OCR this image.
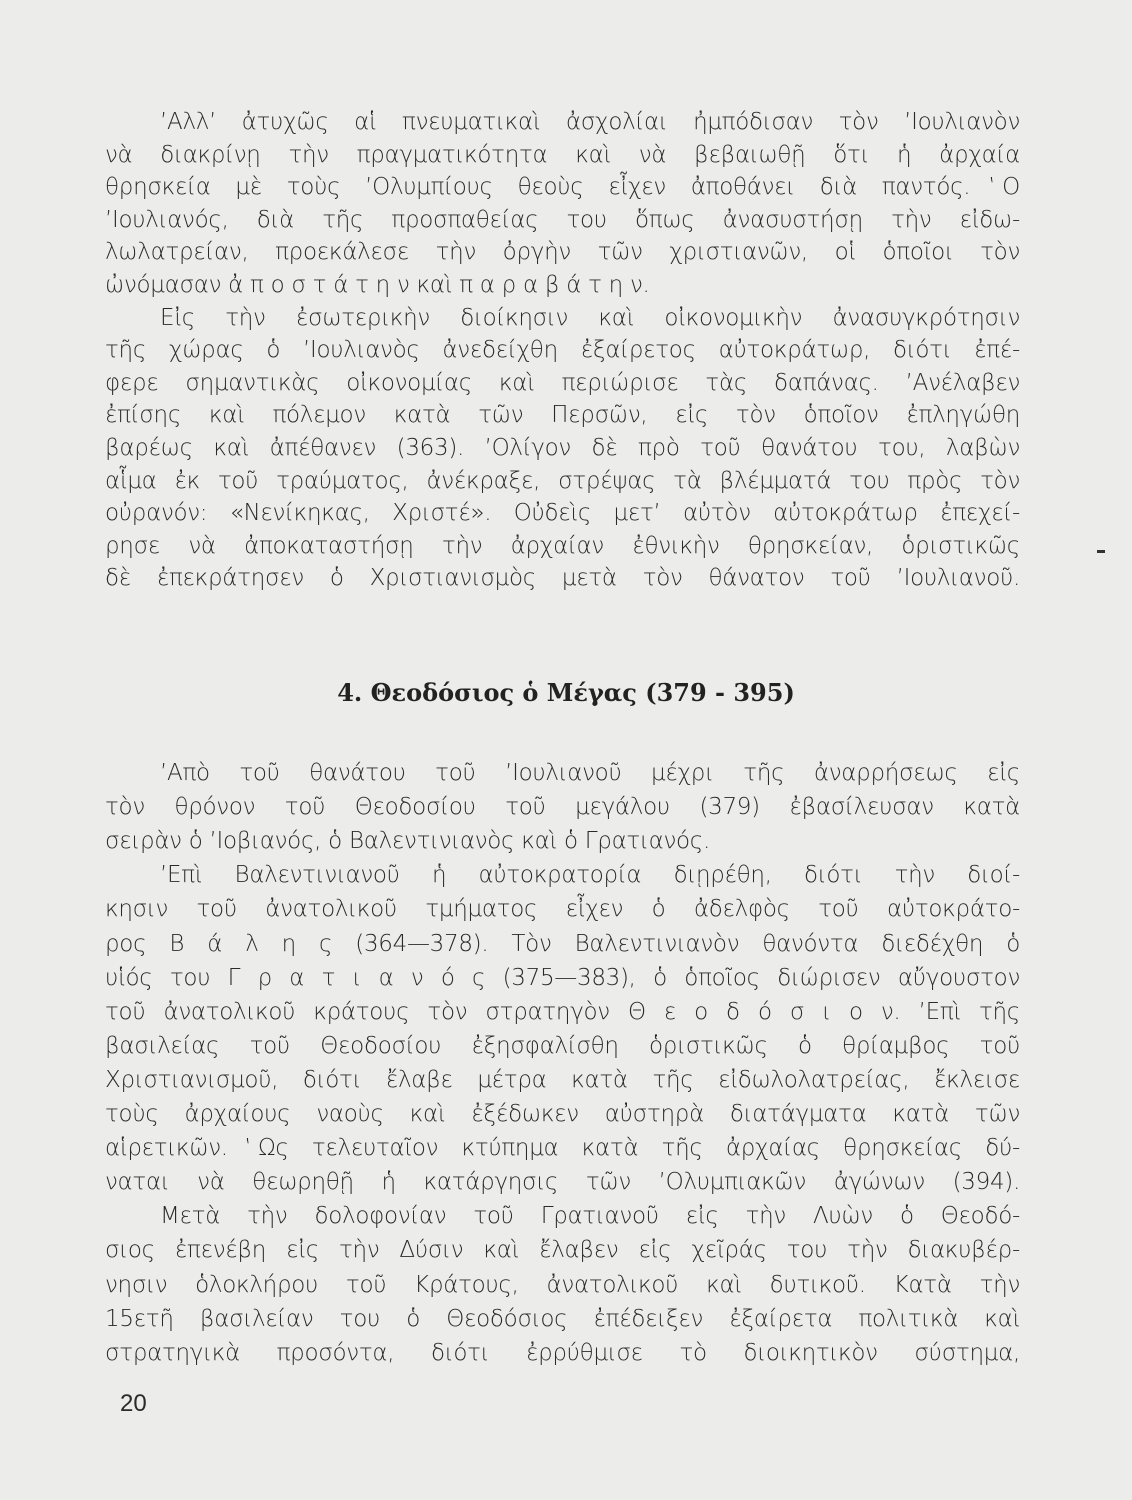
’Αλλ’ ἀτυχῶς αἱ πνευματικαὶ ἀσχολίαι ἠμπόδισαν τὸν ’Ιουλιανὸν
νὰ διακρίνῃ τὴν πραγματικότητα καὶ νὰ βεβαιωθῇ ὅτι ἡ ἀρχαία
θρησκεία μὲ τοὺς ’Ολυμπίους θεοὺς εἶχεν ἀποθάνει διὰ παντός. ‛Ο
’Ιουλιανός, διὰ τῆς προσπαθείας του ὅπως ἀνασυστήσῃ τὴν εἰδω-
λωλατρείαν, προεκάλεσε τὴν ὀργὴν τῶν χριστιανῶν, οἱ ὁποῖοι τὸν
ὠνόμασαν ἀ π ο σ τ ά τ η ν καὶ π α ρ α β ά τ η ν.
Εἰς τὴν ἐσωτερικὴν διοίκησιν καὶ οἰκονομικὴν ἀνασυγκρότησιν
τῆς χώρας ὁ ’Ιουλιανὸς ἀνεδείχθη ἐξαίρετος αὐτοκράτωρ, διότι ἐπέ-
φερε σημαντικὰς οἰκονομίας καὶ περιώρισε τὰς δαπάνας. ’Ανέλαβεν
ἐπίσης καὶ πόλεμον κατὰ τῶν Περσῶν, εἰς τὸν ὁποῖον ἐπληγώθη
βαρέως καὶ ἀπέθανεν (363). ’Ολίγον δὲ πρὸ τοῦ θανάτου του, λαβὼν
αἷμα ἐκ τοῦ τραύματος, ἀνέκραξε, στρέψας τὰ βλέμματά του πρὸς τὸν
οὐρανόν: «Νενίκηκας, Χριστέ». Οὐδεὶς μετ’ αὐτὸν αὐτοκράτωρ ἐπεχεί-
ρησε νὰ ἀποκαταστήσῃ τὴν ἀρχαίαν ἐθνικὴν θρησκείαν, ὁριστικῶς
δὲ ἐπεκράτησεν ὁ Χριστιανισμὸς μετὰ τὸν θάνατον τοῦ ’Ιουλιανοῦ.
4. Θεοδόσιος ὁ Μέγας (379 - 395)
’Απὸ τοῦ θανάτου τοῦ ’Ιουλιανοῦ μέχρι τῆς ἀναρρήσεως εἰς
τὸν θρόνον τοῦ Θεοδοσίου τοῦ μεγάλου (379) ἐβασίλευσαν κατὰ
σειρὰν ὁ ’Ιοβιανός, ὁ Βαλεντινιανὸς καὶ ὁ Γρατιανός.
’Επὶ Βαλεντινιανοῦ ἡ αὐτοκρατορία διῃρέθη, διότι τὴν διοί-
κησιν τοῦ ἀνατολικοῦ τμήματος εἶχεν ὁ ἀδελφὸς τοῦ αὐτοκράτο-
ρος Β ά λ η ς (364—378). Τὸν Βαλεντινιανὸν θανόντα διεδέχθη ὁ
υἱός του Γ ρ α τ ι α ν ό ς (375—383), ὁ ὁποῖος διώρισεν αὔγουστον
τοῦ ἀνατολικοῦ κράτους τὸν στρατηγὸν Θ ε ο δ ό σ ι ο ν. ’Επὶ τῆς
βασιλείας τοῦ Θεοδοσίου ἐξησφαλίσθη ὁριστικῶς ὁ θρίαμβος τοῦ
Χριστιανισμοῦ, διότι ἔλαβε μέτρα κατὰ τῆς εἰδωλολατρείας, ἔκλεισε
τοὺς ἀρχαίους ναοὺς καὶ ἐξέδωκεν αὐστηρὰ διατάγματα κατὰ τῶν
αἱρετικῶν. ‛Ως τελευταῖον κτύπημα κατὰ τῆς ἀρχαίας θρησκείας δύ-
ναται νὰ θεωρηθῇ ἡ κατάργησις τῶν ’Ολυμπιακῶν ἀγώνων (394).
Μετὰ τὴν δολοφονίαν τοῦ Γρατιανοῦ εἰς τὴν Λυὼν ὁ Θεοδό-
σιος ἐπενέβη εἰς τὴν Δύσιν καὶ ἔλαβεν εἰς χεῖράς του τὴν διακυβέρ-
νησιν ὁλοκλήρου τοῦ Κράτους, ἀνατολικοῦ καὶ δυτικοῦ. Κατὰ τὴν
15ετῆ βασιλείαν του ὁ Θεοδόσιος ἐπέδειξεν ἐξαίρετα πολιτικὰ καὶ
στρατηγικὰ προσόντα, διότι ἐρρύθμισε τὸ διοικητικὸν σύστημα,
20
